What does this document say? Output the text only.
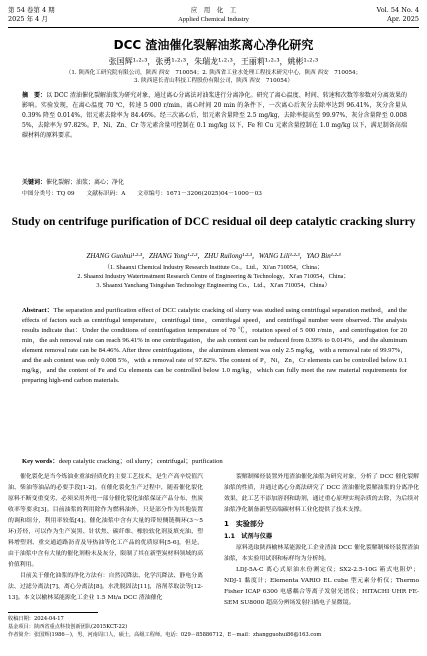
第 54 卷第 4 期
2025 年 4 月
应　用　化　工
Applied Chemical Industry
Vol. 54 No. 4
Apr. 2025
DCC 渣油催化裂解油浆离心净化研究
张国辉¹·²·³，张勇¹·²·³，朱瑞龙¹·²·³，王丽莉¹·²·³，姚彬¹·²·³
（1. 陕西化工研究院有限公司，陕西 西安　710054；2. 陕西省工业水处理工程技术研究中心，陕西 西安　710054；
3. 陕西延长青山科技工程股份有限公司，陕西 西安　710054）
摘　要：以 DCC 渣油催化裂解油浆为研究对象，通过离心分离法对油浆进行分离净化。研究了离心温度、时间、转速和次数等参数对分离效果的影响。实验发现，在离心温度 70 ℃，转速 5 000 r/min，离心时间 20 min 的条件下，一次离心后灰分去除率达到 96.41%，灰分含量从 0.39% 降至 0.014%，铝元素去除率为 84.46%。经三次离心后，铝元素含量降至 2.5 mg/kg，去除率提高至 99.97%，灰分含量降至 0.008 5%，去除率为 97.82%。P、Ni、Zn、Cr 等元素含量可控制在 0.1 mg/kg 以下，Fe 和 Cu 元素含量控制在 1.0 mg/kg 以下，满足制备高端碳材料的原料要求。
关键词：催化裂解；油浆；离心；净化
中图分类号：TQ 09 文献标识码：A 文章编号：1671－3206(2025)04－1000－03
Study on centrifuge purification of DCC residual oil deep catalytic cracking slurry
ZHANG Guohui¹·²·³，ZHANG Yong¹·²·³，ZHU Ruilong¹·²·³，WANG Lili¹·²·³，YAO Bin¹·²·³
（1. Shaanxi Chemical Industry Research Institute Co.，Ltd.，Xi′an 710054，China；
2. Shaanxi Industry Watertreatment Research Centre of Engineering & Technology，Xi′an 710054，China；
3. Shaanxi Yanchang Tsingshan Technology Engineering Co.，Ltd.，Xi′an 710054，China）
Abstract：The separation and purification effect of DCC catalytic cracking oil slurry was studied using centrifugal separation method，and the effects of factors such as centrifugal temperature，centrifugal time，centrifugal speed，and centrifugal number were observed. The analysis results indicate that：Under the conditions of centrifugation temperature of 70 ℃，rotation speed of 5 000 r/min，and centrifugation for 20 min，the ash removal rate can reach 96.41% in one centrifugation，the ash content can be reduced from 0.39% to 0.014%，and the aluminum element removal rate can be 84.46%. After three centrifugations，the aluminum element was only 2.5 mg/kg，with a removal rate of 99.97%，and the ash content was only 0.008 5%，with a removal rate of 97.82%. The content of P，Ni，Zn，Cr elements can be controlled below 0.1 mg/kg，and the content of Fe and Cu elements can be controlled below 1.0 mg/kg，which can fully meet the raw material requirements for preparing high-end carbon materials.
Key words：deep catalytic cracking；oil slurry；centrifugal；purification

催化裂化是当今炼油业重油轻质化的主要工艺技术，是生产高辛烷值汽油、柴油等油品的必要手段[1-2]。在催化裂化生产过程中，随着催化裂化原料不断变重变劣，必须采用外甩一部分催化裂化油浆保证产品分布、焦炭收率等要求[3]。目前油浆的利用除作为燃料油外，只是部分作为其他装置的调和组分，利用率较低[4]。催化油浆中含有大量的带短侧链稠环(3～5环)芳烃，可以作为生产炭黑、针状焦、碳纤维、橡胶软化剂及填充油、塑料增塑剂、重交通道路沥青及导热油等化工产品的优质原料[5-6]，但是，由于油浆中含有大量的催化剂粉末及灰分，限制了其在新型炭材料领域的高价值利用。

目前关于催化油浆的净化方法有：自然沉降法、化学沉降法、静电分离法、过滤分离法[7]、离心分离法[8]。水洗脱固法[11]，溶剂萃取法等[12-13]。本文以榆林某能源化工企业 1.5 Mt/a DCC 渣油催化

裂解制烯烃装置外甩渣油催化油浆为研究对象，分析了 DCC 催化裂解油浆的性质，并通过离心分离法研究了 DCC 渣油催化裂解油浆的分离净化效果，此工艺不添加溶剂和助剂，通过重心原理实现杂质的去除，为后续对油浆净化制备新型高端碳材料工业化提供了技术支撑。

1　实验部分
1.1　试剂与仪器

原料选取陕西榆林某能源化工企业渣油 DCC 催化裂解制烯烃装置渣油油浆，本实验用试剂和标样均为分析纯。

LDJ-5A-C 离心式原油水份测定仪；SX2-2.5-10G 箱式电阻炉；NDJ-1 黏度计；Elementa VARIO EL cube 型元素分析仪；Thermo Fisher ICAP 6300 电感耦合等离子发射光谱仪；HITACHI UHR FE-SEM SU8000 超高分辨场发射扫描电子显微镜。

收稿日期：2024-04-17
基金项目：陕西省重点科技创新团队(2015KCT-22)
作者简介：张国辉(1986－)，男，河南周口人，硕士，高级工程师。电话：029－85886712，E－mail：zhangguohui86@163.com
